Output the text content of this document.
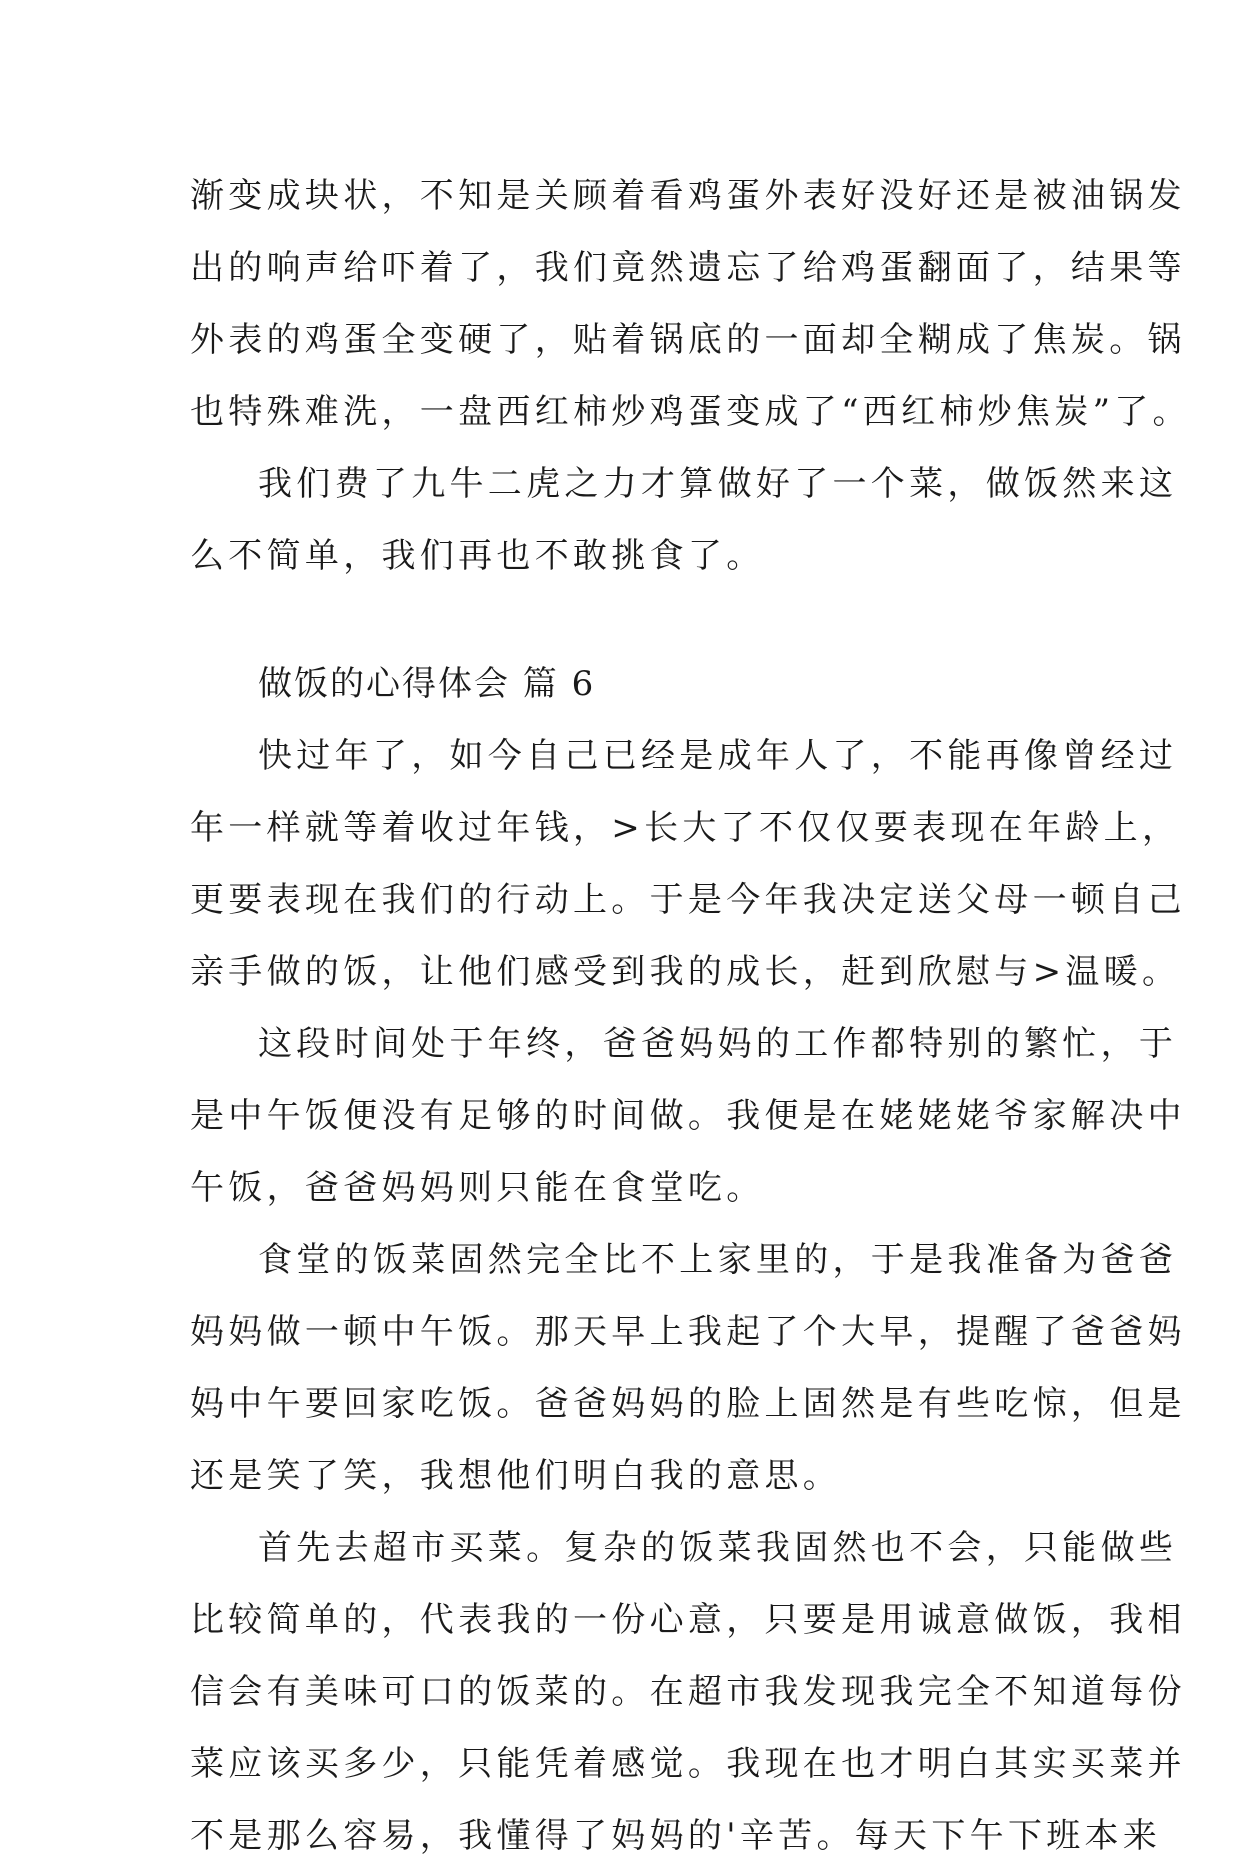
渐变成块状，不知是关顾着看鸡蛋外表好没好还是被油锅发
出的响声给吓着了，我们竟然遗忘了给鸡蛋翻面了，结果等
外表的鸡蛋全变硬了，贴着锅底的一面却全糊成了焦炭。锅
也特殊难洗，一盘西红柿炒鸡蛋变成了“西红柿炒焦炭”了。
我们费了九牛二虎之力才算做好了一个菜，做饭然来这
么不简单，我们再也不敢挑食了。
做饭的心得体会 篇 6
快过年了，如今自己已经是成年人了，不能再像曾经过
年一样就等着收过年钱，>长大了不仅仅要表现在年龄上，
更要表现在我们的行动上。于是今年我决定送父母一顿自己
亲手做的饭，让他们感受到我的成长，赶到欣慰与>温暖。
这段时间处于年终，爸爸妈妈的工作都特别的繁忙，于
是中午饭便没有足够的时间做。我便是在姥姥姥爷家解决中
午饭，爸爸妈妈则只能在食堂吃。
食堂的饭菜固然完全比不上家里的，于是我准备为爸爸
妈妈做一顿中午饭。那天早上我起了个大早，提醒了爸爸妈
妈中午要回家吃饭。爸爸妈妈的脸上固然是有些吃惊，但是
还是笑了笑，我想他们明白我的意思。
首先去超市买菜。复杂的饭菜我固然也不会，只能做些
比较简单的，代表我的一份心意，只要是用诚意做饭，我相
信会有美味可口的饭菜的。在超市我发现我完全不知道每份
菜应该买多少，只能凭着感觉。我现在也才明白其实买菜并
不是那么容易，我懂得了妈妈的'辛苦。每天下午下班本来
